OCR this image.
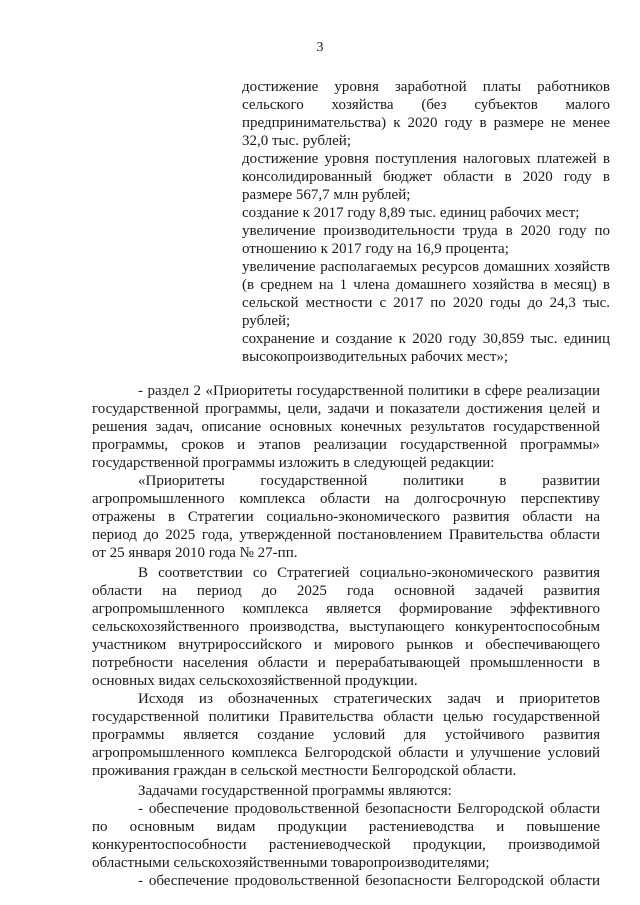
3
достижение уровня заработной платы работников
сельского хозяйства (без субъектов малого
предпринимательства) к 2020 году в размере не менее
32,0 тыс. рублей;
достижение уровня поступления налоговых платежей в
консолидированный бюджет области в 2020 году в
размере 567,7 млн рублей;
создание к 2017 году 8,89 тыс. единиц рабочих мест;
увеличение производительности труда в 2020 году по
отношению к 2017 году на 16,9 процента;
увеличение располагаемых ресурсов домашних хозяйств
(в среднем на 1 члена домашнего хозяйства в месяц) в
сельской местности с 2017 по 2020 годы до 24,3 тыс.
рублей;
сохранение и создание к 2020 году 30,859 тыс. единиц
высокопроизводительных рабочих мест»;
- раздел 2 «Приоритеты государственной политики в сфере реализации
государственной программы, цели, задачи и показатели достижения целей и
решения задач, описание основных конечных результатов государственной
программы, сроков и этапов реализации государственной программы»
государственной программы изложить в следующей редакции:
«Приоритеты государственной политики в развитии
агропромышленного комплекса области на долгосрочную перспективу
отражены в Стратегии социально-экономического развития области на
период до 2025 года, утвержденной постановлением Правительства области
от 25 января 2010 года № 27-пп.
В соответствии со Стратегией социально-экономического развития
области на период до 2025 года основной задачей развития
агропромышленного комплекса является формирование эффективного
сельскохозяйственного производства, выступающего конкурентоспособным
участником внутрироссийского и мирового рынков и обеспечивающего
потребности населения области и перерабатывающей промышленности в
основных видах сельскохозяйственной продукции.
Исходя из обозначенных стратегических задач и приоритетов
государственной политики Правительства области целью государственной
программы является создание условий для устойчивого развития
агропромышленного комплекса Белгородской области и улучшение условий
проживания граждан в сельской местности Белгородской области.
Задачами государственной программы являются:
- обеспечение продовольственной безопасности Белгородской области
по основным видам продукции растениеводства и повышение
конкурентоспособности растениеводческой продукции, производимой
областными сельскохозяйственными товаропроизводителями;
- обеспечение продовольственной безопасности Белгородской области
